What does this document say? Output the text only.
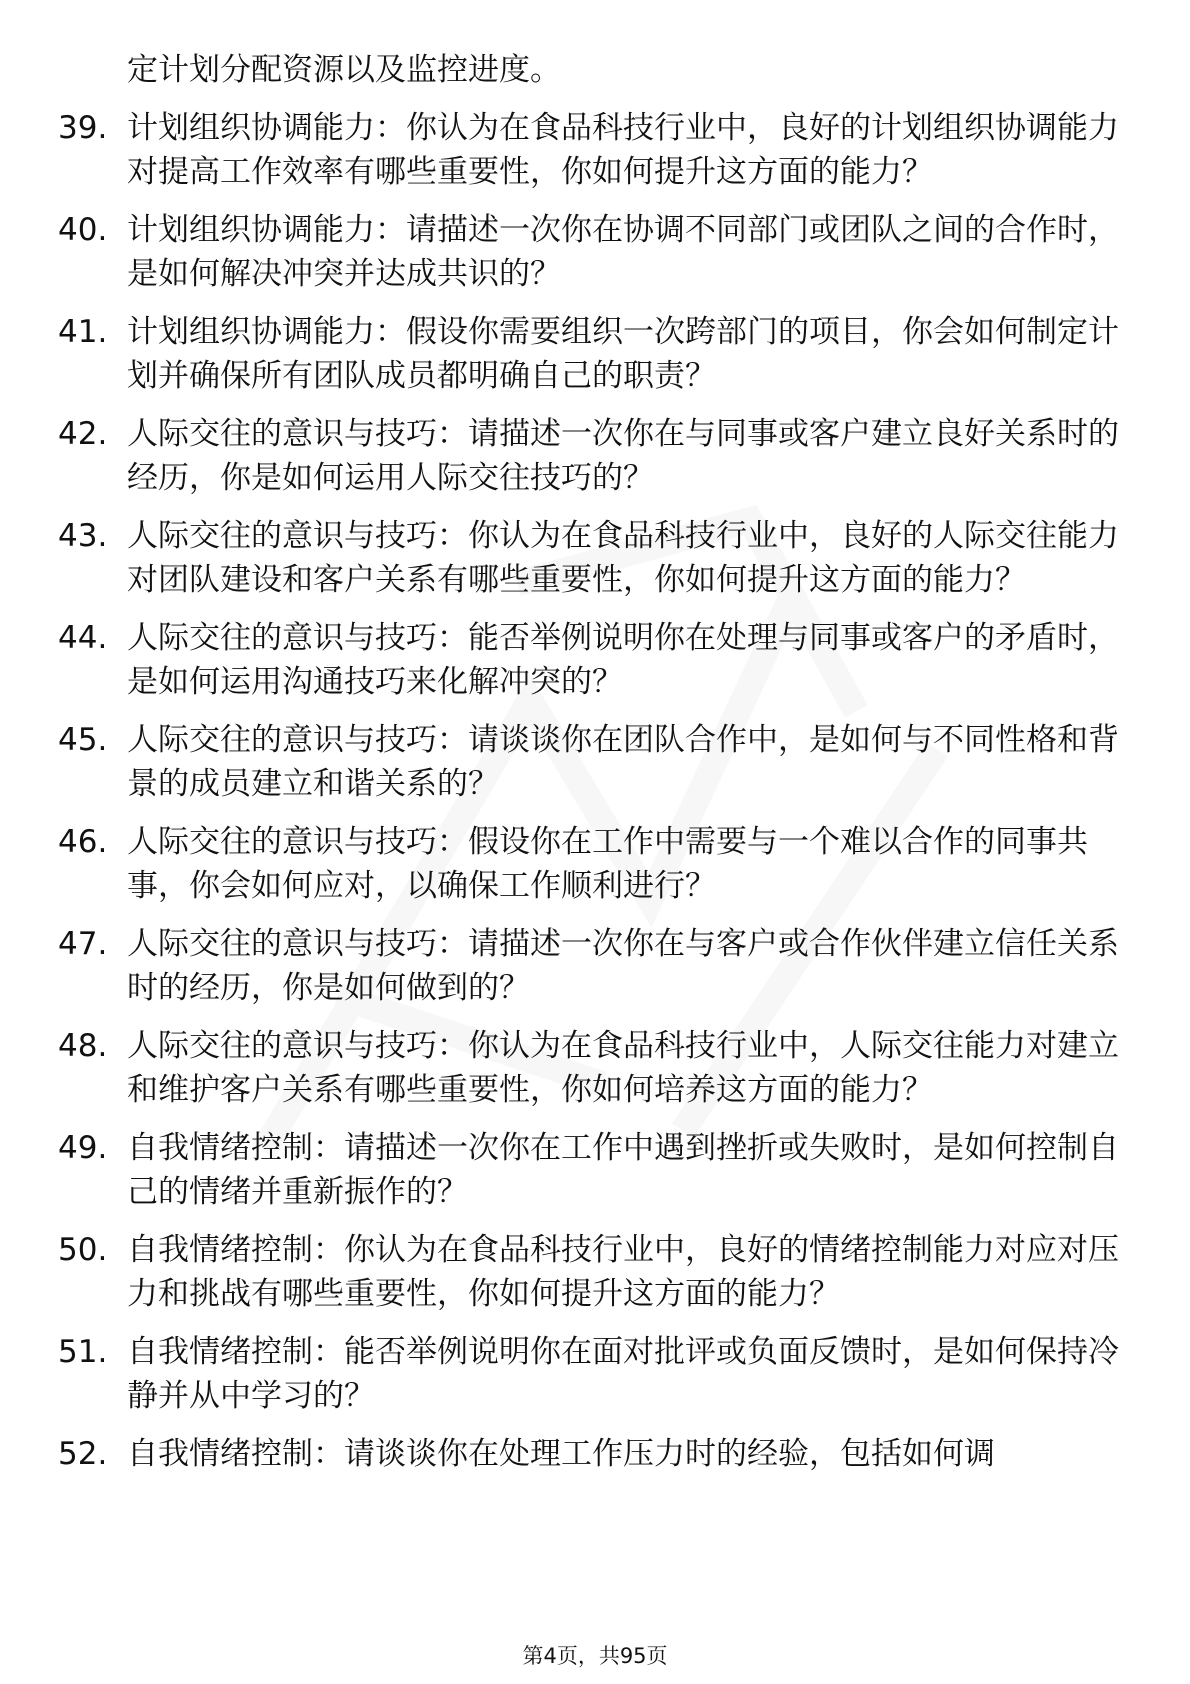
定计划分配资源以及监控进度。
39. 计划组织协调能力：你认为在食品科技行业中，良好的计划组织协调能力对提高工作效率有哪些重要性，你如何提升这方面的能力？
40. 计划组织协调能力：请描述一次你在协调不同部门或团队之间的合作时，是如何解决冲突并达成共识的？
41. 计划组织协调能力：假设你需要组织一次跨部门的项目，你会如何制定计划并确保所有团队成员都明确自己的职责？
42. 人际交往的意识与技巧：请描述一次你在与同事或客户建立良好关系时的经历，你是如何运用人际交往技巧的？
43. 人际交往的意识与技巧：你认为在食品科技行业中，良好的人际交往能力对团队建设和客户关系有哪些重要性，你如何提升这方面的能力？
44. 人际交往的意识与技巧：能否举例说明你在处理与同事或客户的矛盾时，是如何运用沟通技巧来化解冲突的？
45. 人际交往的意识与技巧：请谈谈你在团队合作中，是如何与不同性格和背景的成员建立和谐关系的？
46. 人际交往的意识与技巧：假设你在工作中需要与一个难以合作的同事共事，你会如何应对，以确保工作顺利进行？
47. 人际交往的意识与技巧：请描述一次你在与客户或合作伙伴建立信任关系时的经历，你是如何做到的？
48. 人际交往的意识与技巧：你认为在食品科技行业中，人际交往能力对建立和维护客户关系有哪些重要性，你如何培养这方面的能力？
49. 自我情绪控制：请描述一次你在工作中遇到挫折或失败时，是如何控制自己的情绪并重新振作的？
50. 自我情绪控制：你认为在食品科技行业中，良好的情绪控制能力对应对压力和挑战有哪些重要性，你如何提升这方面的能力？
51. 自我情绪控制：能否举例说明你在面对批评或负面反馈时，是如何保持冷静并从中学习的？
52. 自我情绪控制：请谈谈你在处理工作压力时的经验，包括如何调
第4页，共95页
